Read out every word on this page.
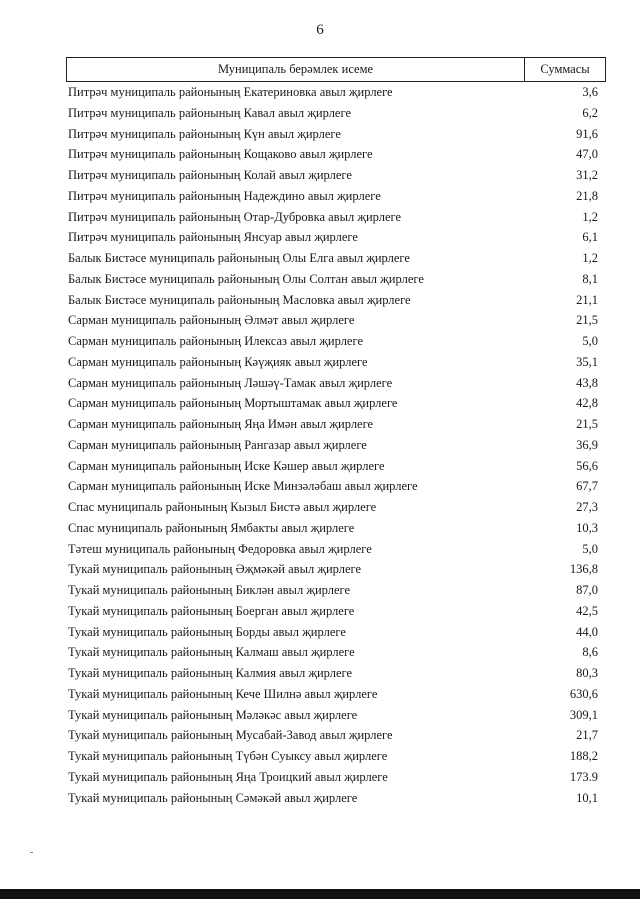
6
Муниципаль берәмлек исеме	Суммасы
Питрәч муниципаль районының Екатериновка авыл җирлеге	3,6
Питрәч муниципаль районының Кавал авыл җирлеге	6,2
Питрәч муниципаль районының Күн авыл җирлеге	91,6
Питрәч муниципаль районының Кощаково авыл җирлеге	47,0
Питрәч муниципаль районының Колай авыл җирлеге	31,2
Питрәч муниципаль районының Надеждино авыл җирлеге	21,8
Питрәч муниципаль районының Отар-Дубровка авыл җирлеге	1,2
Питрәч муниципаль районының Янсуар авыл җирлеге	6,1
Балык Бистәсе муниципаль районының Олы Елга авыл җирлеге	1,2
Балык Бистәсе муниципаль районының Олы Солтан авыл җирлеге	8,1
Балык Бистәсе муниципаль районының Масловка авыл җирлеге	21,1
Сарман муниципаль районының Әлмәт авыл җирлеге	21,5
Сарман муниципаль районының Илексаз авыл җирлеге	5,0
Сарман муниципаль районының Кәүҗияк авыл җирлеге	35,1
Сарман муниципаль районының Ләшәү-Тамак авыл җирлеге	43,8
Сарман муниципаль районының Мортыштамак авыл җирлеге	42,8
Сарман муниципаль районының Яңа Имән авыл җирлеге	21,5
Сарман муниципаль районының Рангазар авыл җирлеге	36,9
Сарман муниципаль районының Иске Кәшер авыл җирлеге	56,6
Сарман муниципаль районының Иске Минзәләбаш авыл җирлеге	67,7
Спас муниципаль районының Кызыл Бистә авыл җирлеге	27,3
Спас муниципаль районының Ямбакты авыл җирлеге	10,3
Тәтеш муниципаль районының Федоровка авыл җирлеге	5,0
Тукай муниципаль районының Әҗмәкәй авыл җирлеге	136,8
Тукай муниципаль районының Биклән авыл җирлеге	87,0
Тукай муниципаль районының Боерган авыл җирлеге	42,5
Тукай муниципаль районының Борды авыл җирлеге	44,0
Тукай муниципаль районының Калмаш авыл җирлеге	8,6
Тукай муниципаль районының Калмия авыл җирлеге	80,3
Тукай муниципаль районының Кече Шилнә авыл җирлеге	630,6
Тукай муниципаль районының Мәләкәс авыл җирлеге	309,1
Тукай муниципаль районының Мусабай-Завод авыл җирлеге	21,7
Тукай муниципаль районының Түбән Суыксу авыл җирлеге	188,2
Тукай муниципаль районының Яңа Троицкий авыл җирлеге	173.9
Тукай муниципаль районының Сәмәкәй авыл җирлеге	10,1
-
